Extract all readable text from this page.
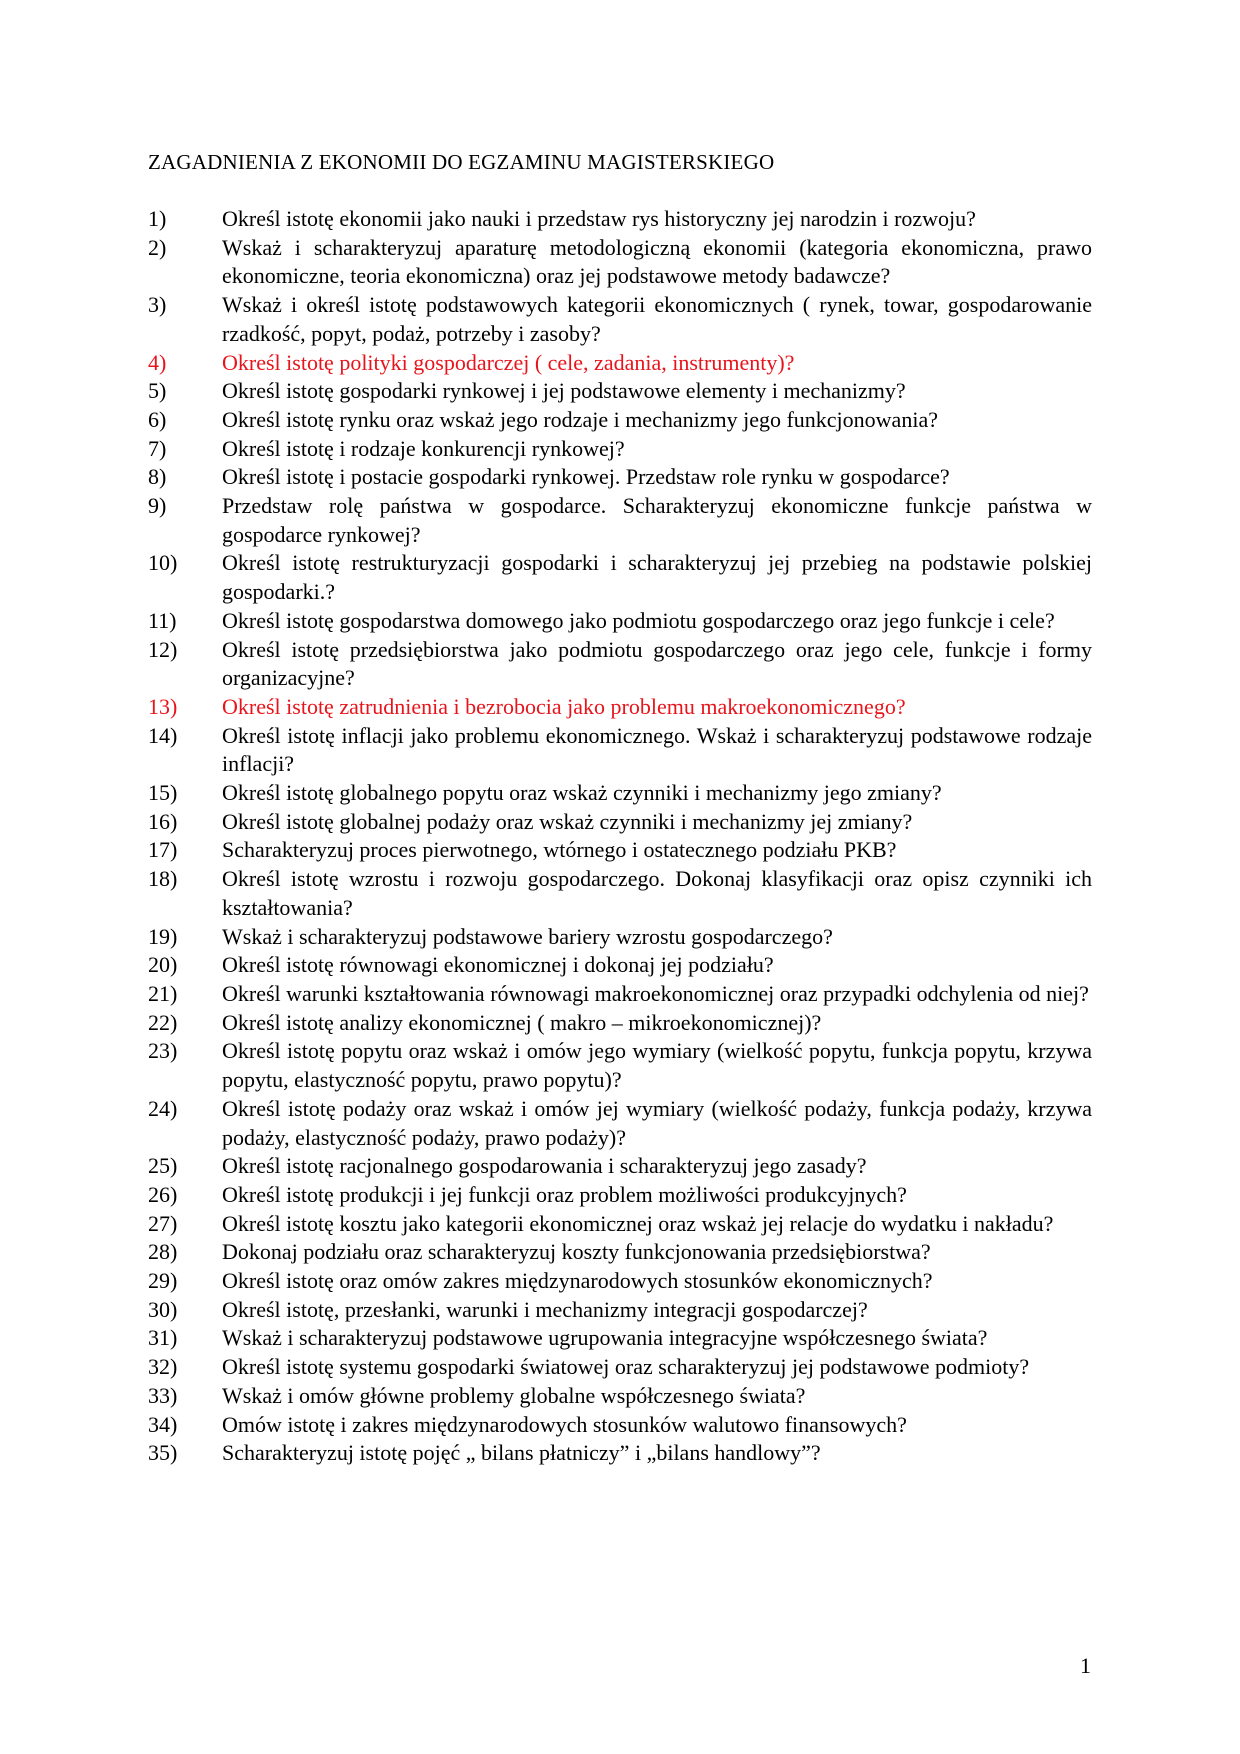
ZAGADNIENIA Z EKONOMII DO EGZAMINU MAGISTERSKIEGO
1)	Określ istotę ekonomii jako nauki i przedstaw rys historyczny jej narodzin i rozwoju?
2)	Wskaż i scharakteryzuj aparaturę metodologiczną ekonomii (kategoria ekonomiczna, prawo ekonomiczne, teoria ekonomiczna) oraz jej podstawowe metody badawcze?
3)	Wskaż i określ istotę podstawowych kategorii ekonomicznych ( rynek, towar, gospodarowanie rzadkość, popyt, podaż, potrzeby i zasoby?
4)	Określ istotę polityki gospodarczej ( cele, zadania, instrumenty)?
5)	Określ istotę gospodarki rynkowej i jej podstawowe elementy i mechanizmy?
6)	Określ istotę rynku oraz wskaż jego rodzaje i mechanizmy jego funkcjonowania?
7)	Określ istotę i rodzaje konkurencji rynkowej?
8)	Określ istotę i postacie gospodarki rynkowej. Przedstaw role rynku w gospodarce?
9)	Przedstaw rolę państwa w gospodarce. Scharakteryzuj ekonomiczne funkcje państwa w gospodarce rynkowej?
10)	Określ istotę restrukturyzacji gospodarki i scharakteryzuj jej przebieg na podstawie polskiej gospodarki.?
11)	Określ istotę gospodarstwa domowego jako podmiotu gospodarczego oraz jego funkcje i cele?
12)	Określ istotę przedsiębiorstwa jako podmiotu gospodarczego oraz jego cele, funkcje i formy organizacyjne?
13)	Określ istotę zatrudnienia i bezrobocia jako problemu makroekonomicznego?
14)	Określ istotę inflacji jako problemu ekonomicznego. Wskaż i scharakteryzuj podstawowe rodzaje inflacji?
15)	Określ istotę globalnego popytu oraz wskaż czynniki i mechanizmy jego zmiany?
16)	Określ istotę globalnej podaży oraz wskaż czynniki i mechanizmy jej zmiany?
17)	Scharakteryzuj proces pierwotnego, wtórnego i ostatecznego podziału PKB?
18)	Określ istotę wzrostu i rozwoju gospodarczego. Dokonaj klasyfikacji oraz opisz czynniki ich kształtowania?
19)	Wskaż i scharakteryzuj podstawowe bariery wzrostu gospodarczego?
20)	Określ istotę równowagi ekonomicznej i dokonaj jej podziału?
21)	Określ warunki kształtowania równowagi makroekonomicznej oraz przypadki odchylenia od niej?
22)	Określ istotę analizy ekonomicznej ( makro – mikroekonomicznej)?
23)	Określ istotę popytu oraz wskaż i omów jego wymiary (wielkość popytu, funkcja popytu, krzywa popytu, elastyczność popytu, prawo popytu)?
24)	Określ istotę podaży oraz wskaż i omów jej wymiary (wielkość podaży, funkcja podaży, krzywa podaży, elastyczność podaży, prawo podaży)?
25)	Określ istotę racjonalnego gospodarowania i scharakteryzuj jego zasady?
26)	Określ istotę produkcji i jej funkcji oraz problem możliwości produkcyjnych?
27)	Określ istotę kosztu jako kategorii ekonomicznej oraz wskaż jej relacje do wydatku i nakładu?
28)	Dokonaj podziału oraz scharakteryzuj koszty funkcjonowania przedsiębiorstwa?
29)	Określ istotę oraz omów zakres międzynarodowych stosunków ekonomicznych?
30)	Określ istotę, przesłanki, warunki i mechanizmy integracji gospodarczej?
31)	Wskaż i scharakteryzuj podstawowe ugrupowania integracyjne współczesnego świata?
32)	Określ istotę systemu gospodarki światowej oraz scharakteryzuj jej podstawowe podmioty?
33)	Wskaż i omów główne problemy globalne współczesnego świata?
34)	Omów istotę i zakres międzynarodowych stosunków walutowo finansowych?
35)	Scharakteryzuj istotę pojęć „ bilans płatniczy” i „bilans handlowy”?
1
